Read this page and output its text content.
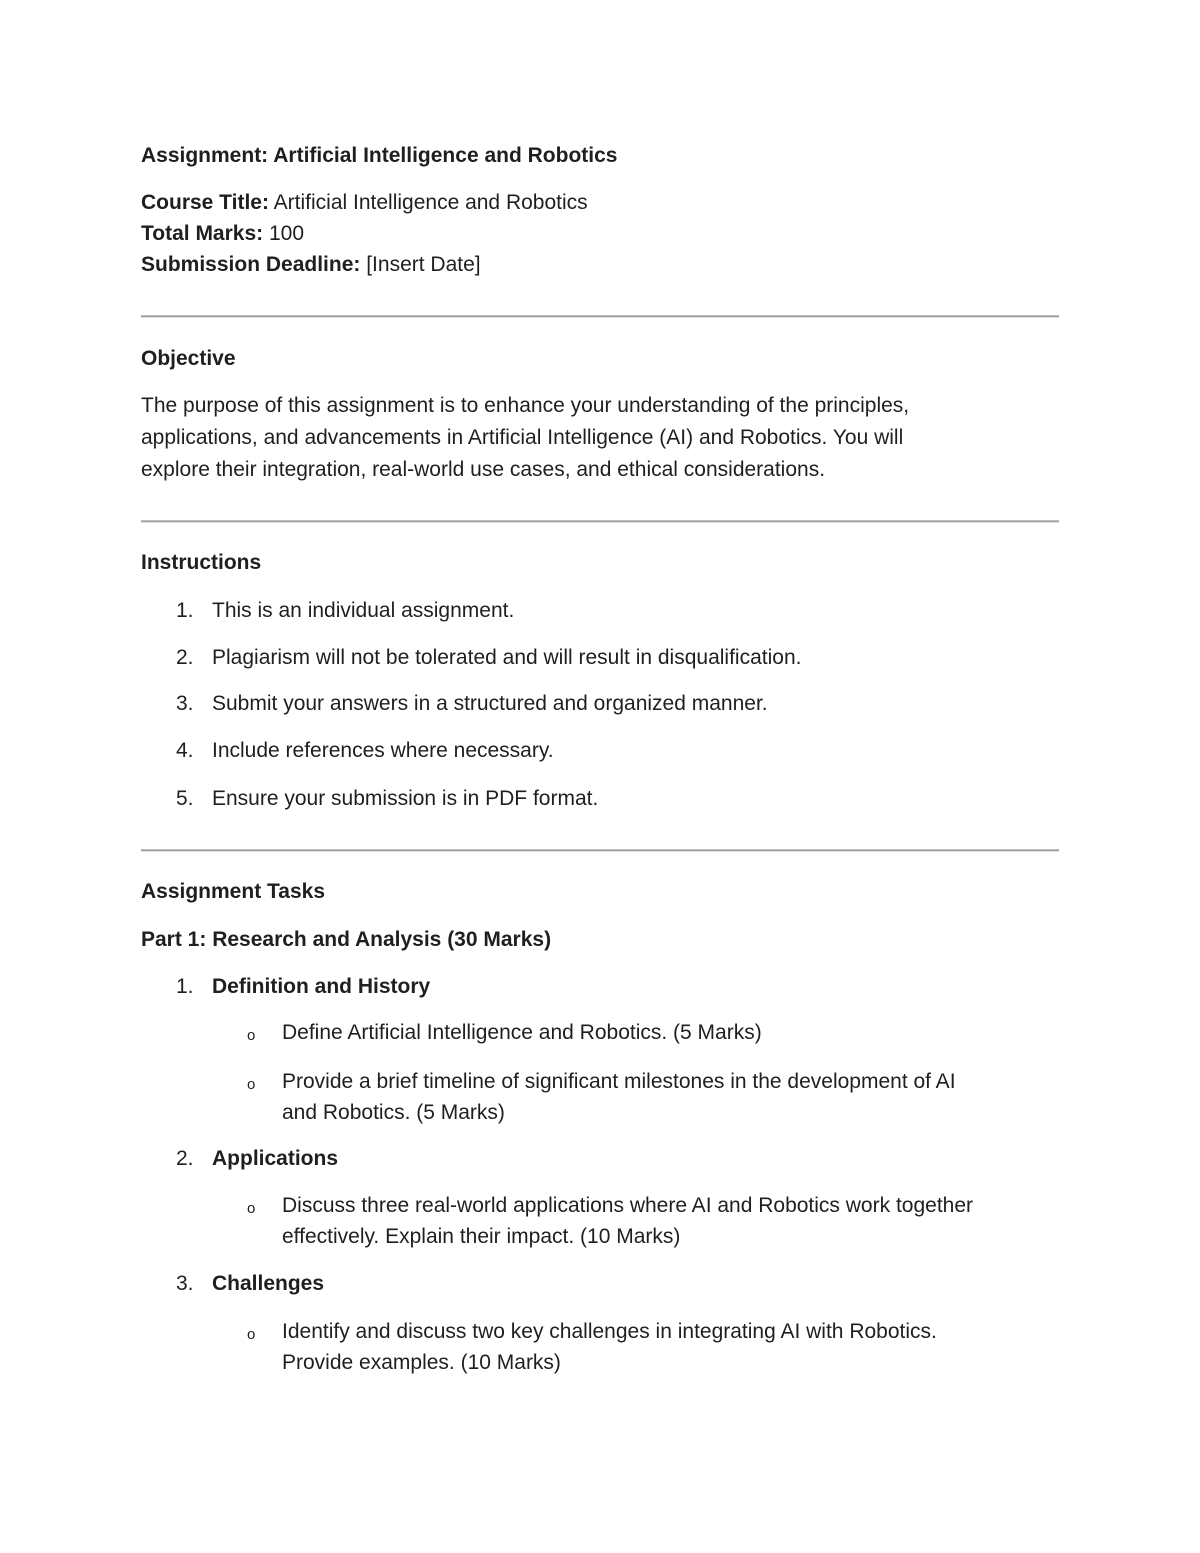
Assignment: Artificial Intelligence and Robotics
Course Title: Artificial Intelligence and Robotics
Total Marks: 100
Submission Deadline: [Insert Date]
Objective
The purpose of this assignment is to enhance your understanding of the principles,
applications, and advancements in Artificial Intelligence (AI) and Robotics. You will
explore their integration, real-world use cases, and ethical considerations.
Instructions
1. This is an individual assignment.
2. Plagiarism will not be tolerated and will result in disqualification.
3. Submit your answers in a structured and organized manner.
4. Include references where necessary.
5. Ensure your submission is in PDF format.
Assignment Tasks
Part 1: Research and Analysis (30 Marks)
1. Definition and History
o Define Artificial Intelligence and Robotics. (5 Marks)
o Provide a brief timeline of significant milestones in the development of AI
and Robotics. (5 Marks)
2. Applications
o Discuss three real-world applications where AI and Robotics work together
effectively. Explain their impact. (10 Marks)
3. Challenges
o Identify and discuss two key challenges in integrating AI with Robotics.
Provide examples. (10 Marks)
